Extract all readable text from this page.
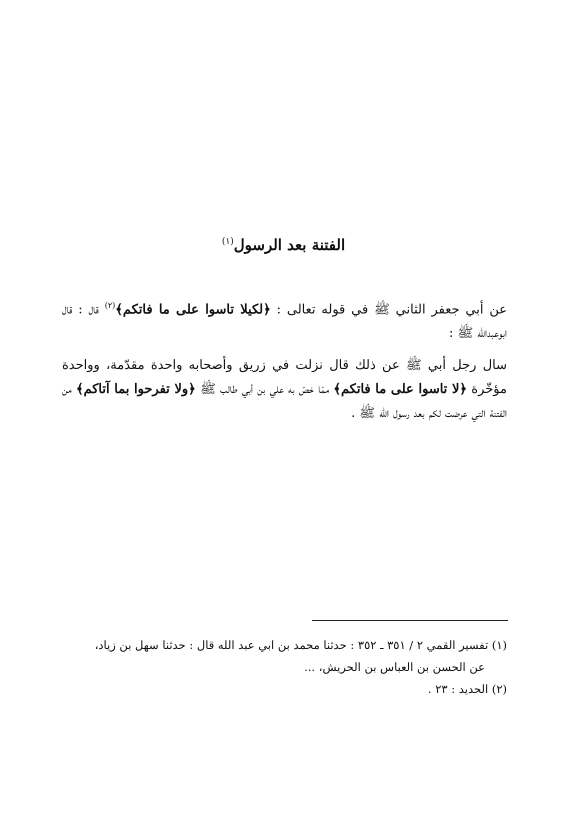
الفتنة بعد الرسول$^{(١)}$

عن أبي جعفر الثاني ﷺ في قوله تعالى : ﴿لكيلا تاسوا على ما فاتكم﴾$^{(٢)}$ قال : قال ابوعبدالله ﷺ :

سال رجل أبي ﷺ عن ذلك قال نزلت في زريق وأصحابه واحدة مقدّمة، وواحدة مؤخّرة ﴿لا تاسوا على ما فاتكم﴾ ممّا خصّ به علي بن أبي طالب ﷺ ﴿ولا تفرحوا بما آتاكم﴾ من الفتنة التي عرضت لكم بعد رسول الله ﷺ .

(١) تفسير القمي ٢ / ٣٥١ ـ ٣٥٢ : حدثنا محمد بن ابي عبد الله قال : حدثنا سهل بن زياد،

عن الحسن بن العباس بن الحريش، ...

(٢) الحديد : ٢٣ .
